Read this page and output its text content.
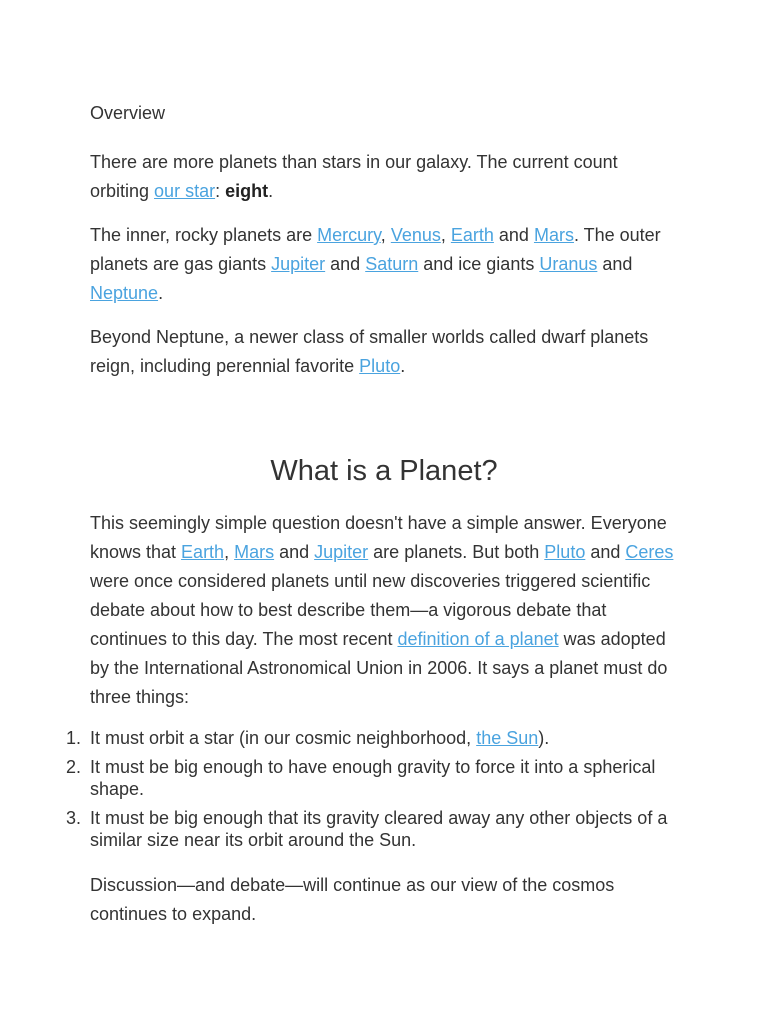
Overview

There are more planets than stars in our galaxy. The current count orbiting our star: eight.

The inner, rocky planets are Mercury, Venus, Earth and Mars. The outer planets are gas giants Jupiter and Saturn and ice giants Uranus and Neptune.

Beyond Neptune, a newer class of smaller worlds called dwarf planets reign, including perennial favorite Pluto.

What is a Planet?

This seemingly simple question doesn't have a simple answer. Everyone knows that Earth, Mars and Jupiter are planets. But both Pluto and Ceres were once considered planets until new discoveries triggered scientific debate about how to best describe them—a vigorous debate that continues to this day. The most recent definition of a planet was adopted by the International Astronomical Union in 2006. It says a planet must do three things:

1. It must orbit a star (in our cosmic neighborhood, the Sun).
2. It must be big enough to have enough gravity to force it into a spherical shape.
3. It must be big enough that its gravity cleared away any other objects of a similar size near its orbit around the Sun.

Discussion—and debate—will continue as our view of the cosmos continues to expand.
